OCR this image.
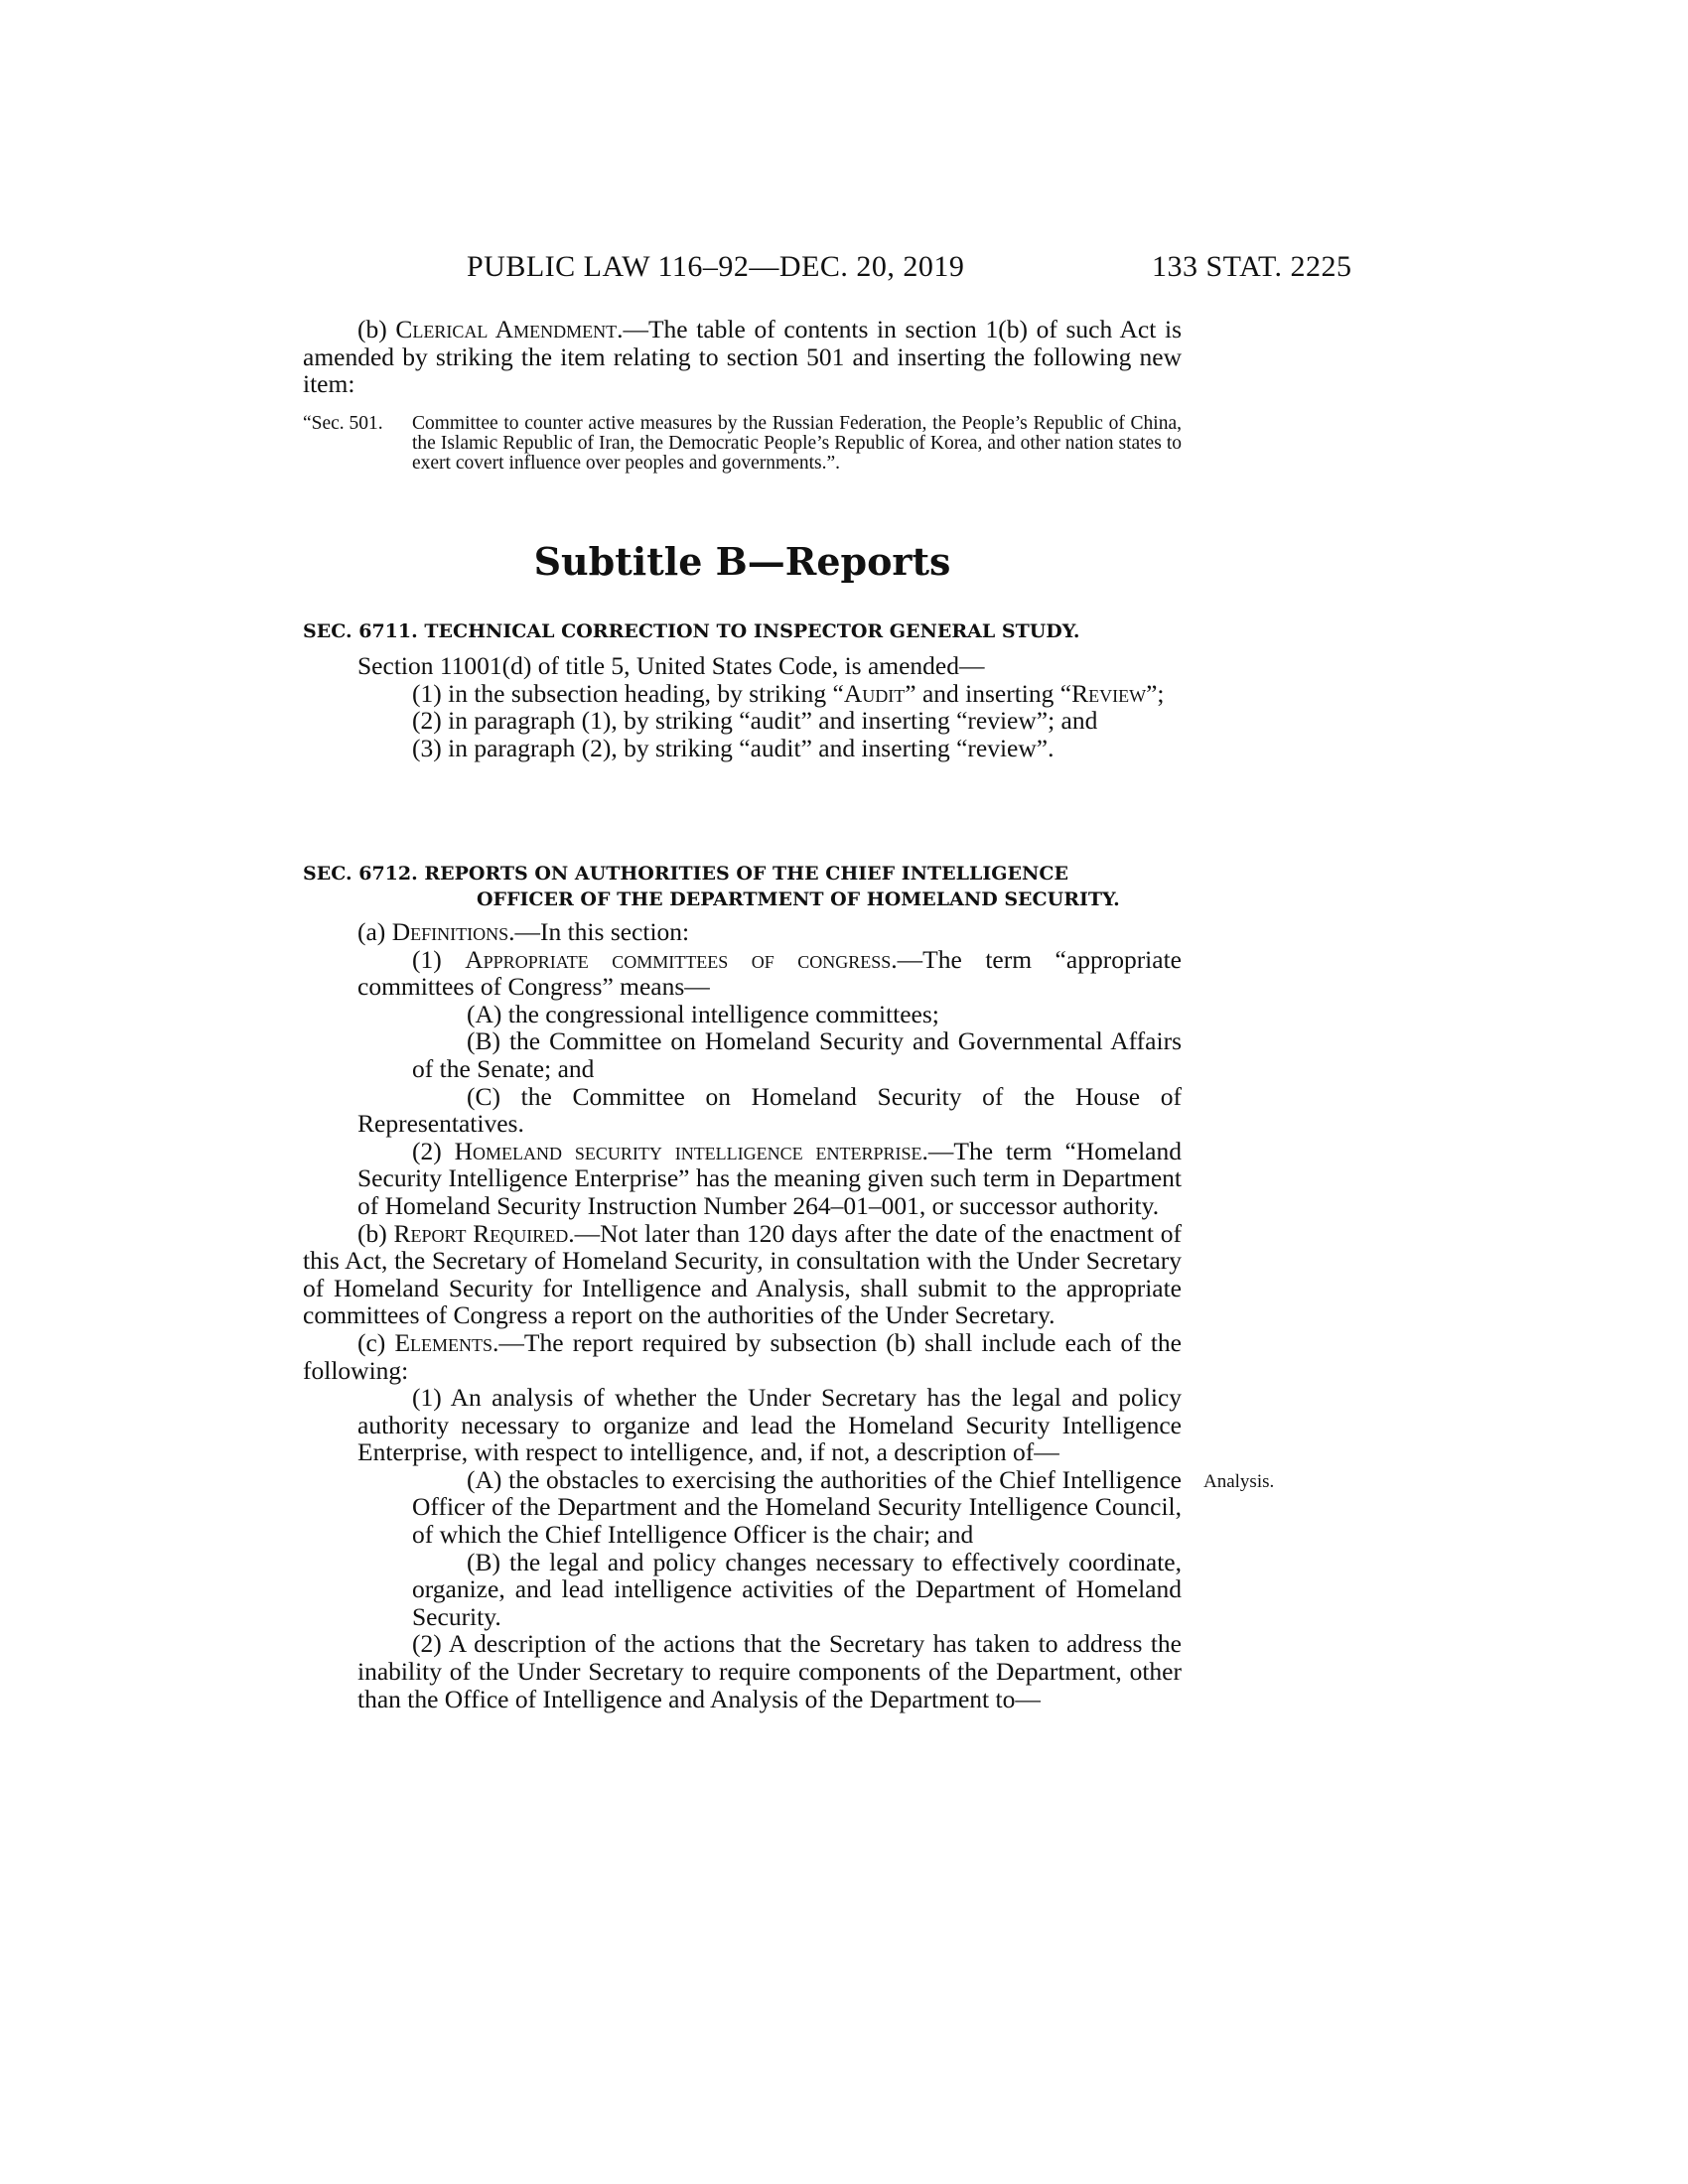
PUBLIC LAW 116–92—DEC. 20, 2019	133 STAT. 2225

(b) Clerical Amendment.—The table of contents in section 1(b) of such Act is amended by striking the item relating to section 501 and inserting the following new item:

“Sec. 501.	Committee to counter active measures by the Russian Federation, the People’s Republic of China, the Islamic Republic of Iran, the Democratic People’s Republic of Korea, and other nation states to exert covert influence over peoples and governments.”.
Subtitle B—Reports

SEC. 6711. TECHNICAL CORRECTION TO INSPECTOR GENERAL STUDY.

Section 11001(d) of title 5, United States Code, is amended—

(1) in the subsection heading, by striking “Audit” and inserting “Review”;

(2) in paragraph (1), by striking “audit” and inserting “review”; and

(3) in paragraph (2), by striking “audit” and inserting “review”.

SEC. 6712. REPORTS ON AUTHORITIES OF THE CHIEF INTELLIGENCE
OFFICER OF THE DEPARTMENT OF HOMELAND SECURITY.

(a) Definitions.—In this section:

(1) Appropriate committees of congress.—The term “appropriate committees of Congress” means—

(A) the congressional intelligence committees;

(B) the Committee on Homeland Security and Governmental Affairs of the Senate; and

(C) the Committee on Homeland Security of the House of Representatives.

(2) Homeland security intelligence enterprise.—The term “Homeland Security Intelligence Enterprise” has the meaning given such term in Department of Homeland Security Instruction Number 264–01–001, or successor authority.

(b) Report Required.—Not later than 120 days after the date of the enactment of this Act, the Secretary of Homeland Security, in consultation with the Under Secretary of Homeland Security for Intelligence and Analysis, shall submit to the appropriate committees of Congress a report on the authorities of the Under Secretary.

(c) Elements.—The report required by subsection (b) shall include each of the following:

(1) An analysis of whether the Under Secretary has the legal and policy authority necessary to organize and lead the Homeland Security Intelligence Enterprise, with respect to intelligence, and, if not, a description of—

(A) the obstacles to exercising the authorities of the Chief Intelligence Officer of the Department and the Homeland Security Intelligence Council, of which the Chief Intelligence Officer is the chair; and

(B) the legal and policy changes necessary to effectively coordinate, organize, and lead intelligence activities of the Department of Homeland Security.

(2) A description of the actions that the Secretary has taken to address the inability of the Under Secretary to require components of the Department, other than the Office of Intelligence and Analysis of the Department to—

Analysis.
